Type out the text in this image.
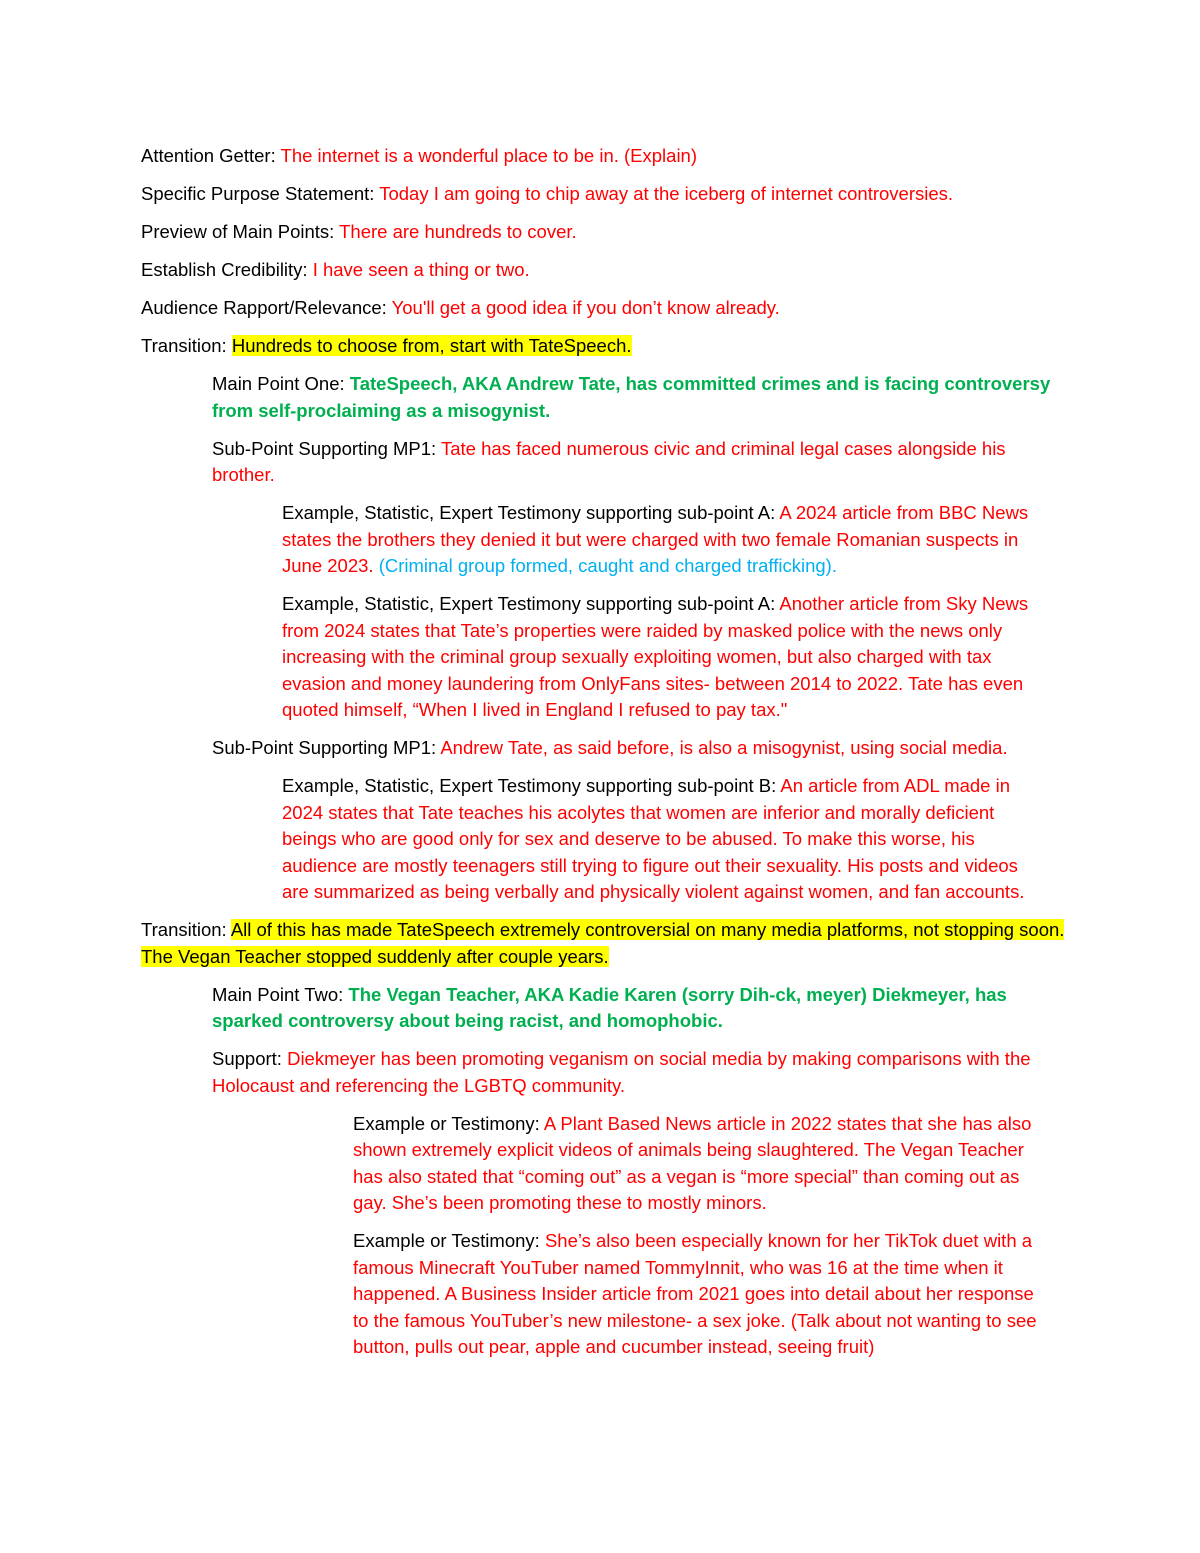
Attention Getter: The internet is a wonderful place to be in. (Explain)

Specific Purpose Statement: Today I am going to chip away at the iceberg of internet controversies.

Preview of Main Points: There are hundreds to cover.

Establish Credibility: I have seen a thing or two.

Audience Rapport/Relevance: You'll get a good idea if you don’t know already.

Transition: Hundreds to choose from, start with TateSpeech.

Main Point One: TateSpeech, AKA Andrew Tate, has committed crimes and is facing controversy from self-proclaiming as a misogynist.

Sub-Point Supporting MP1: Tate has faced numerous civic and criminal legal cases alongside his brother.

Example, Statistic, Expert Testimony supporting sub-point A: A 2024 article from BBC News states the brothers they denied it but were charged with two female Romanian suspects in June 2023. (Criminal group formed, caught and charged trafficking).

Example, Statistic, Expert Testimony supporting sub-point A: Another article from Sky News from 2024 states that Tate’s properties were raided by masked police with the news only increasing with the criminal group sexually exploiting women, but also charged with tax evasion and money laundering from OnlyFans sites- between 2014 to 2022. Tate has even quoted himself, “When I lived in England I refused to pay tax."

Sub-Point Supporting MP1: Andrew Tate, as said before, is also a misogynist, using social media.

Example, Statistic, Expert Testimony supporting sub-point B: An article from ADL made in 2024 states that Tate teaches his acolytes that women are inferior and morally deficient beings who are good only for sex and deserve to be abused. To make this worse, his audience are mostly teenagers still trying to figure out their sexuality. His posts and videos are summarized as being verbally and physically violent against women, and fan accounts.

Transition: All of this has made TateSpeech extremely controversial on many media platforms, not stopping soon. The Vegan Teacher stopped suddenly after couple years.

Main Point Two: The Vegan Teacher, AKA Kadie Karen (sorry Dih-ck, meyer) Diekmeyer, has sparked controversy about being racist, and homophobic.

Support: Diekmeyer has been promoting veganism on social media by making comparisons with the Holocaust and referencing the LGBTQ community.

Example or Testimony: A Plant Based News article in 2022 states that she has also shown extremely explicit videos of animals being slaughtered. The Vegan Teacher has also stated that “coming out” as a vegan is “more special” than coming out as gay. She’s been promoting these to mostly minors.

Example or Testimony: She’s also been especially known for her TikTok duet with a famous Minecraft YouTuber named TommyInnit, who was 16 at the time when it happened. A Business Insider article from 2021 goes into detail about her response to the famous YouTuber’s new milestone- a sex joke. (Talk about not wanting to see button, pulls out pear, apple and cucumber instead, seeing fruit)
